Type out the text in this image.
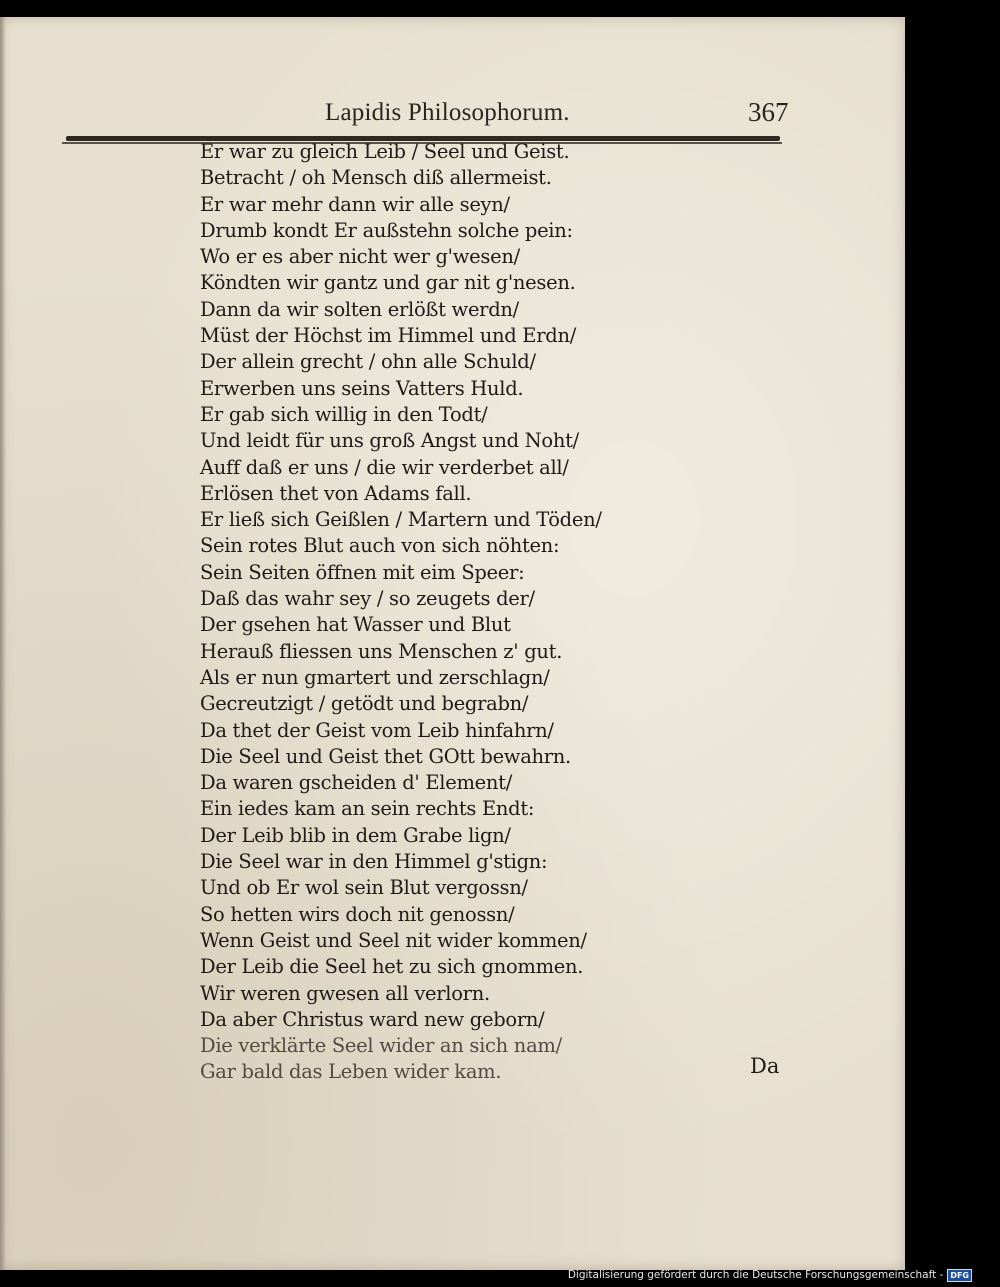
Lapidis Philosophorum.	367
Er war zu gleich Leib / Seel und Geist.
Betracht / oh Mensch diß allermeist.
Er war mehr dann wir alle seyn/
Drumb kondt Er außstehn solche pein:
Wo er es aber nicht wer g'wesen/
Köndten wir gantz und gar nit g'nesen.
Dann da wir solten erlößt werdn/
Müst der Höchst im Himmel und Erdn/
Der allein grecht / ohn alle Schuld/
Erwerben uns seins Vatters Huld.
Er gab sich willig in den Todt/
Und leidt für uns groß Angst und Noht/
Auff daß er uns / die wir verderbet all/
Erlösen thet von Adams fall.
Er ließ sich Geißlen / Martern und Töden/
Sein rotes Blut auch von sich nöhten:
Sein Seiten öffnen mit eim Speer:
Daß das wahr sey / so zeugets der/
Der gsehen hat Wasser und Blut
Herauß fliessen uns Menschen z' gut.
Als er nun gmartert und zerschlagn/
Gecreutzigt / getödt und begrabn/
Da thet der Geist vom Leib hinfahrn/
Die Seel und Geist thet GOtt bewahrn.
Da waren gscheiden d' Element/
Ein iedes kam an sein rechts Endt:
Der Leib blib in dem Grabe lign/
Die Seel war in den Himmel g'stign:
Und ob Er wol sein Blut vergossn/
So hetten wirs doch nit genossn/
Wenn Geist und Seel nit wider kommen/
Der Leib die Seel het zu sich gnommen.
Wir weren gwesen all verlorn.
Da aber Christus ward new geborn/
Die verklärte Seel wider an sich nam/
Gar bald das Leben wider kam.	Da
Digitalisierung gefördert durch die Deutsche Forschungsgemeinschaft - DFG
